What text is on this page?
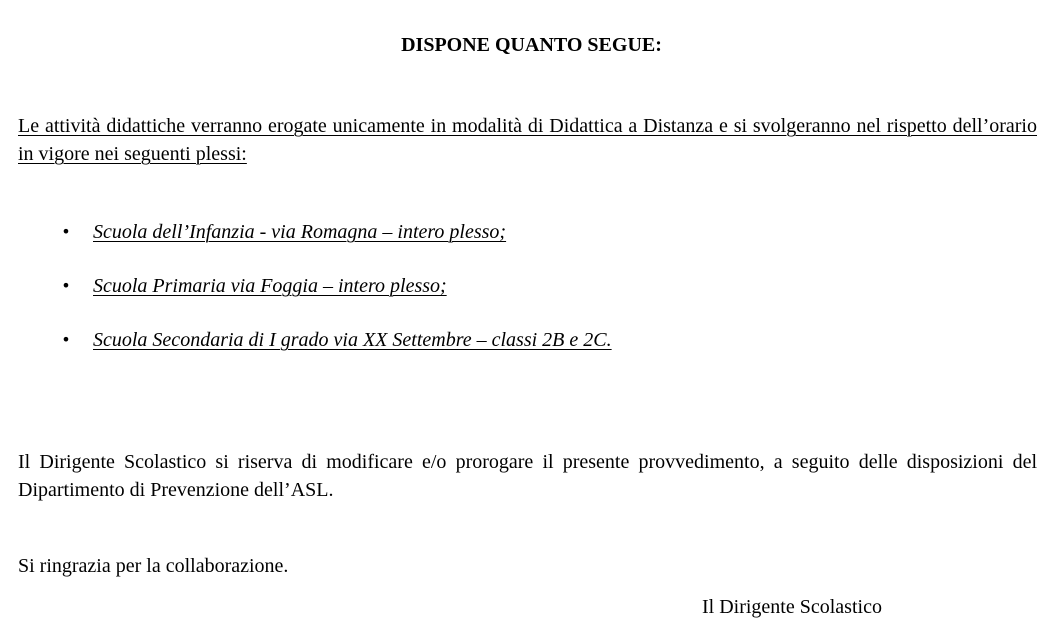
DISPONE QUANTO SEGUE:
Le attività didattiche verranno erogate unicamente in modalità di Didattica a Distanza e si svolgeranno nel rispetto dell’orario in vigore nei seguenti plessi:
• Scuola dell’Infanzia - via Romagna – intero plesso;
• Scuola Primaria via Foggia – intero plesso;
• Scuola Secondaria di I grado via XX Settembre – classi 2B e 2C.
Il Dirigente Scolastico si riserva di modificare e/o prorogare il presente provvedimento, a seguito delle disposizioni del Dipartimento di Prevenzione dell’ASL.
Si ringrazia per la collaborazione.
Il Dirigente Scolastico
